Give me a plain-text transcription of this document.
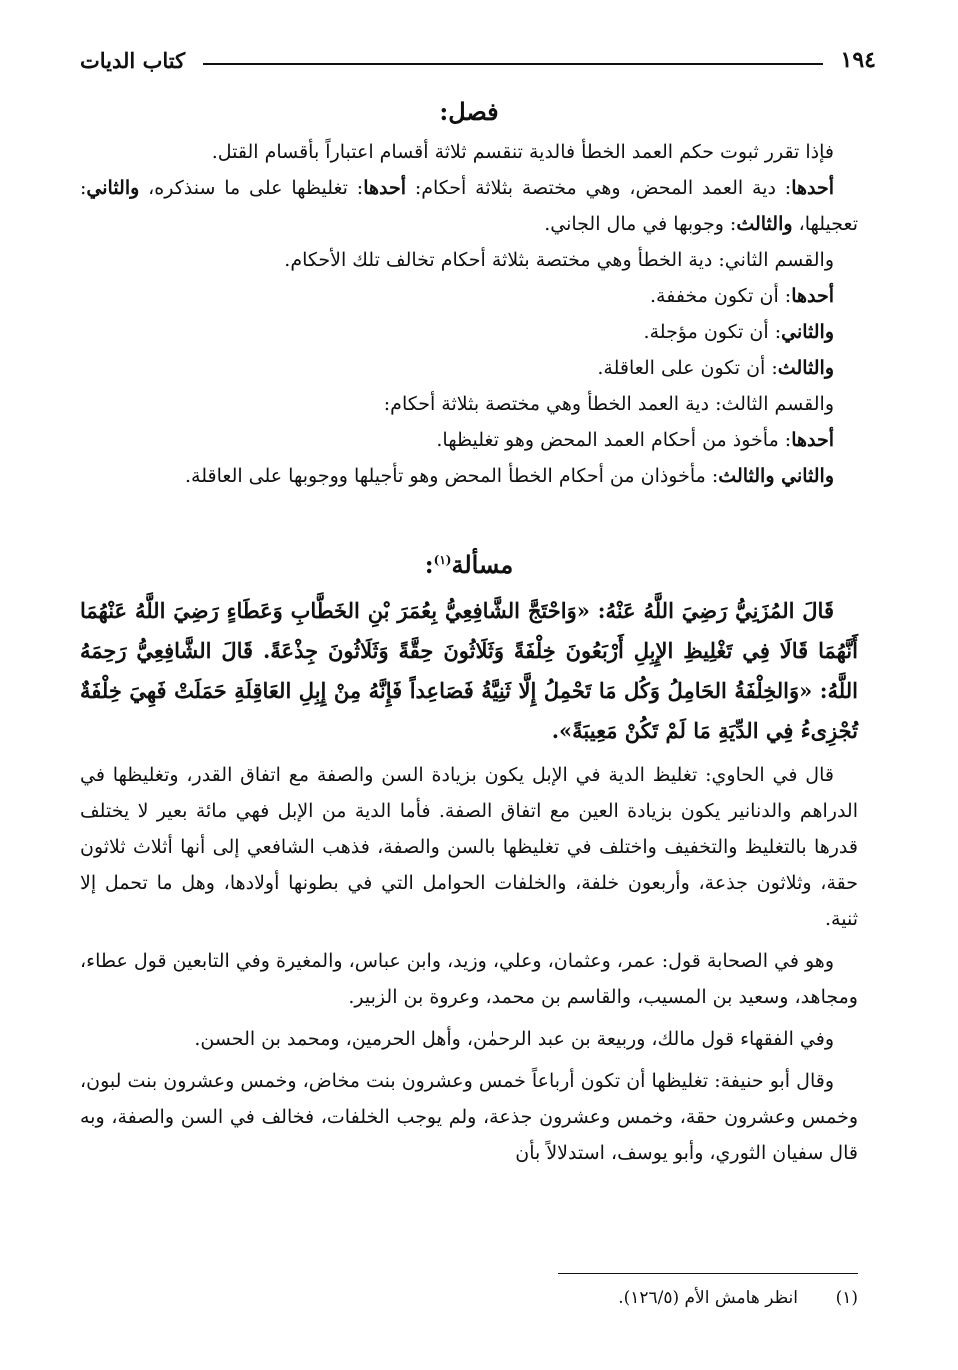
١٩٤
كتاب الديات
فصل:

فإذا تقرر ثبوت حكم العمد الخطأ فالدية تنقسم ثلاثة أقسام اعتباراً بأقسام القتل.

أحدها: دية العمد المحض، وهي مختصة بثلاثة أحكام: أحدها: تغليظها على ما سنذكره، والثاني: تعجيلها، والثالث: وجوبها في مال الجاني.

والقسم الثاني: دية الخطأ وهي مختصة بثلاثة أحكام تخالف تلك الأحكام.

أحدها: أن تكون مخففة.

والثاني: أن تكون مؤجلة.

والثالث: أن تكون على العاقلة.

والقسم الثالث: دية العمد الخطأ وهي مختصة بثلاثة أحكام:

أحدها: مأخوذ من أحكام العمد المحض وهو تغليظها.

والثاني والثالث: مأخوذان من أحكام الخطأ المحض وهو تأجيلها ووجوبها على العاقلة.

مسألة$^{(١)}$:

قَالَ المُزَنِيُّ رَضِيَ اللَّهُ عَنْهُ: «وَاحْتَجَّ الشَّافِعِيُّ بِعُمَرَ بْنِ الخَطَّابِ وَعَطَاءٍ رَضِيَ اللَّهُ عَنْهُمَا أَنَّهُمَا قَالَا فِي تَغْلِيظِ الإِبِلِ أَرْبَعُونَ خِلْفَةً وَثَلَاثُونَ حِقَّةً وَثَلَاثُونَ جِذْعَةً. قَالَ الشَّافِعِيُّ رَحِمَهُ اللَّهُ: «وَالخِلْفَةُ الحَامِلُ وَكُل مَا تَحْمِلُ إِلَّا ثَنِيَّةُ فَصَاعِداً فَإِنَّهُ مِنْ إِبِلِ العَاقِلَةِ حَمَلَتْ فَهِيَ خِلْفَةٌ تُجْزِىءُ فِي الدِّيَةِ مَا لَمْ تَكُنْ مَعِيبَةً».

قال في الحاوي: تغليظ الدية في الإبل يكون بزيادة السن والصفة مع اتفاق القدر، وتغليظها في الدراهم والدنانير يكون بزيادة العين مع اتفاق الصفة. فأما الدية من الإبل فهي مائة بعير لا يختلف قدرها بالتغليظ والتخفيف واختلف في تغليظها بالسن والصفة، فذهب الشافعي إلى أنها أثلاث ثلاثون حقة، وثلاثون جذعة، وأربعون خلفة، والخلفات الحوامل التي في بطونها أولادها، وهل ما تحمل إلا ثنية.

وهو في الصحابة قول: عمر، وعثمان، وعلي، وزيد، وابن عباس، والمغيرة وفي التابعين قول عطاء، ومجاهد، وسعيد بن المسيب، والقاسم بن محمد، وعروة بن الزبير.

وفي الفقهاء قول مالك، وربيعة بن عبد الرحمٰن، وأهل الحرمين، ومحمد بن الحسن.

وقال أبو حنيفة: تغليظها أن تكون أرباعاً خمس وعشرون بنت مخاض، وخمس وعشرون بنت لبون، وخمس وعشرون حقة، وخمس وعشرون جذعة، ولم يوجب الخلفات، فخالف في السن والصفة، وبه قال سفيان الثوري، وأبو يوسف، استدلالاً بأن

(١)انظر هامش الأم (١٢٦/٥).
